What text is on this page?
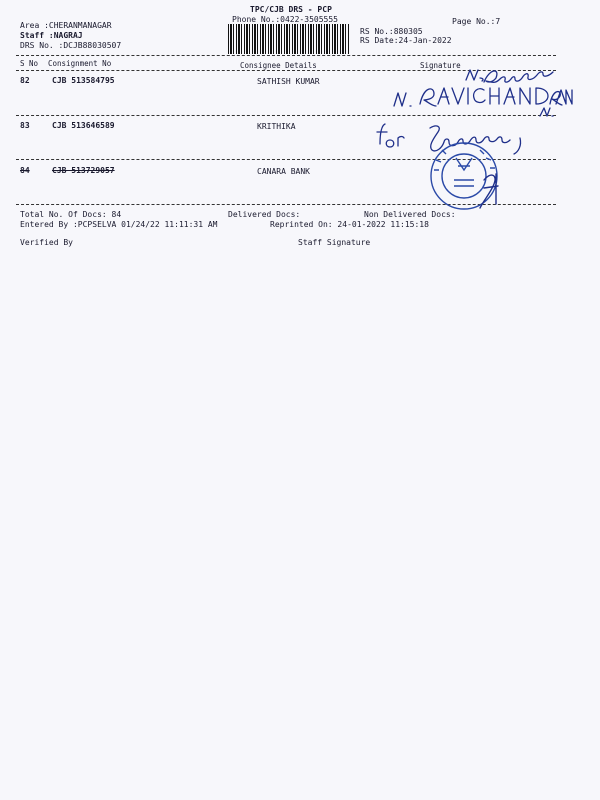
TPC/CJB DRS - PCP
Phone No.:0422-3505555	Page No.:7
Area :CHERANMANAGAR
Staff :NAGRAJ
DRS No. :DCJB88030507
RS No.:880305
RS Date:24-Jan-2022
S No Consignment No	Consignee Details	Signature
82	CJB 513584795	SATHISH KUMAR
83	CJB 513646589	KRITHIKA
84	CJB 513729057	CANARA BANK
Total No. Of Docs: 84	Delivered Docs:	Non Delivered Docs:
Entered By :PCPSELVA 01/24/22 11:11:31 AM	Reprinted On: 24-01-2022 11:15:18
Verified By	Staff Signature
